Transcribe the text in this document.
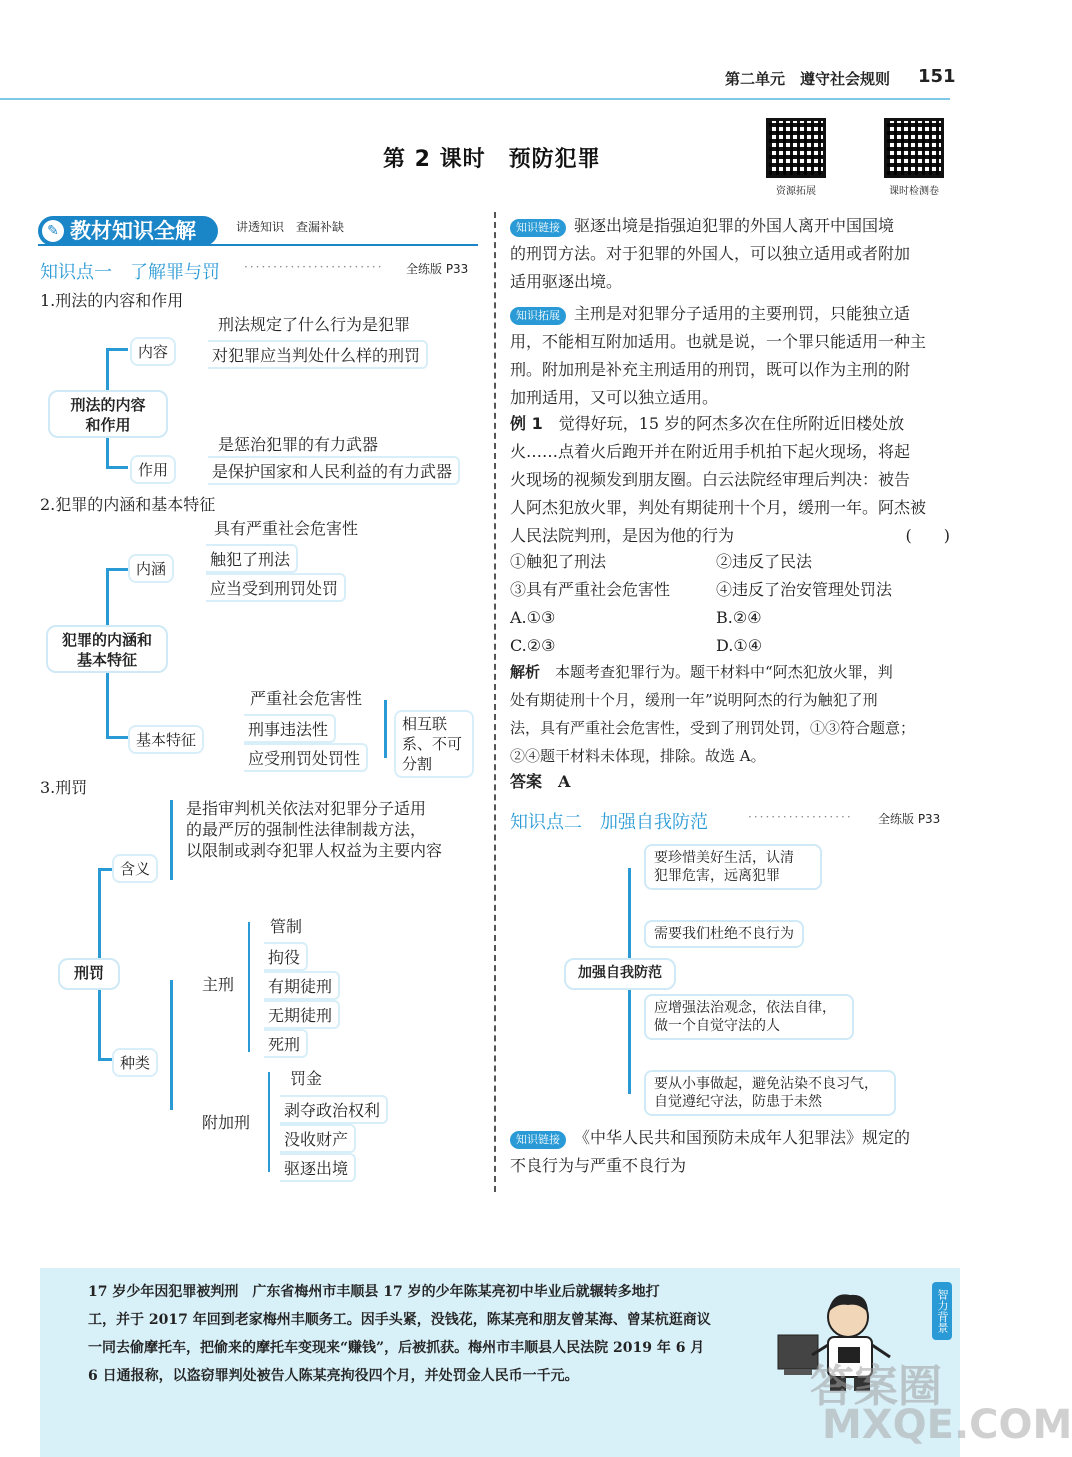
第二单元　遵守社会规则 151
第 2 课时　预防犯罪
资源拓展	课时检测卷
教材知识全解
✎	讲透知识　查漏补缺
知识点一　了解罪与罚 ························ 全练版 P33
1.刑法的内容和作用
刑法的内容和作用
内容
刑法规定了什么行为是犯罪
对犯罪应当判处什么样的刑罚
作用
是惩治犯罪的有力武器
是保护国家和人民利益的有力武器
2.犯罪的内涵和基本特征
犯罪的内涵和基本特征
内涵
具有严重社会危害性
触犯了刑法
应当受到刑罚处罚
基本特征
严重社会危害性
刑事违法性
应受刑罚处罚性
相互联系、不可分割
3.刑罚
刑罚
含义
是指审判机关依法对犯罪分子适用
的最严厉的强制性法律制裁方法，
以限制或剥夺犯罪人权益为主要内容
种类
主刑
管制
拘役
有期徒刑
无期徒刑
死刑
附加刑
罚金
剥夺政治权利
没收财产
驱逐出境
知识链接 驱逐出境是指强迫犯罪的外国人离开中国国境
的刑罚方法。对于犯罪的外国人，可以独立适用或者附加
适用驱逐出境。
知识拓展 主刑是对犯罪分子适用的主要刑罚，只能独立适
用，不能相互附加适用。也就是说，一个罪只能适用一种主
刑。附加刑是补充主刑适用的刑罚，既可以作为主刑的附
加刑适用，又可以独立适用。
例 1　 觉得好玩，15 岁的阿杰多次在住所附近旧楼处放
火……点着火后跑开并在附近用手机拍下起火现场，将起
火现场的视频发到朋友圈。白云法院经审理后判决：被告
人阿杰犯放火罪，判处有期徒刑十个月，缓刑一年。阿杰被
人民法院判刑，是因为他的行为	(　　)
①触犯了刑法	②违反了民法
③具有严重社会危害性	④违反了治安管理处罚法
A.①③	B.②④
C.②③	D.①④
解析　 本题考查犯罪行为。题干材料中“阿杰犯放火罪，判
处有期徒刑十个月，缓刑一年”说明阿杰的行为触犯了刑
法，具有严重社会危害性，受到了刑罚处罚，①③符合题意；
②④题干材料未体现，排除。故选 A。
答案　 A
知识点二　加强自我防范	·················· 全练版 P33
加强自我防范
要珍惜美好生活，认清
犯罪危害，远离犯罪
需要我们杜绝不良行为
应增强法治观念，依法自律，
做一个自觉守法的人
要从小事做起，避免沾染不良习气，
自觉遵纪守法，防患于未然
知识链接 《中华人民共和国预防未成年人犯罪法》规定的
不良行为与严重不良行为
17 岁少年因犯罪被判刑　广东省梅州市丰顺县 17 岁的少年陈某亮初中毕业后就辗转多地打
工，并于 2017 年回到老家梅州丰顺务工。因手头紧，没钱花，陈某亮和朋友曾某海、曾某杭逛商议
一同去偷摩托车，把偷来的摩托车变现来“赚钱”，后被抓获。梅州市丰顺县人民法院 2019 年 6 月
6 日通报称，以盗窃罪判处被告人陈某亮拘役四个月，并处罚金人民币一千元。
智力背景
答案圈
MXQE.COM
